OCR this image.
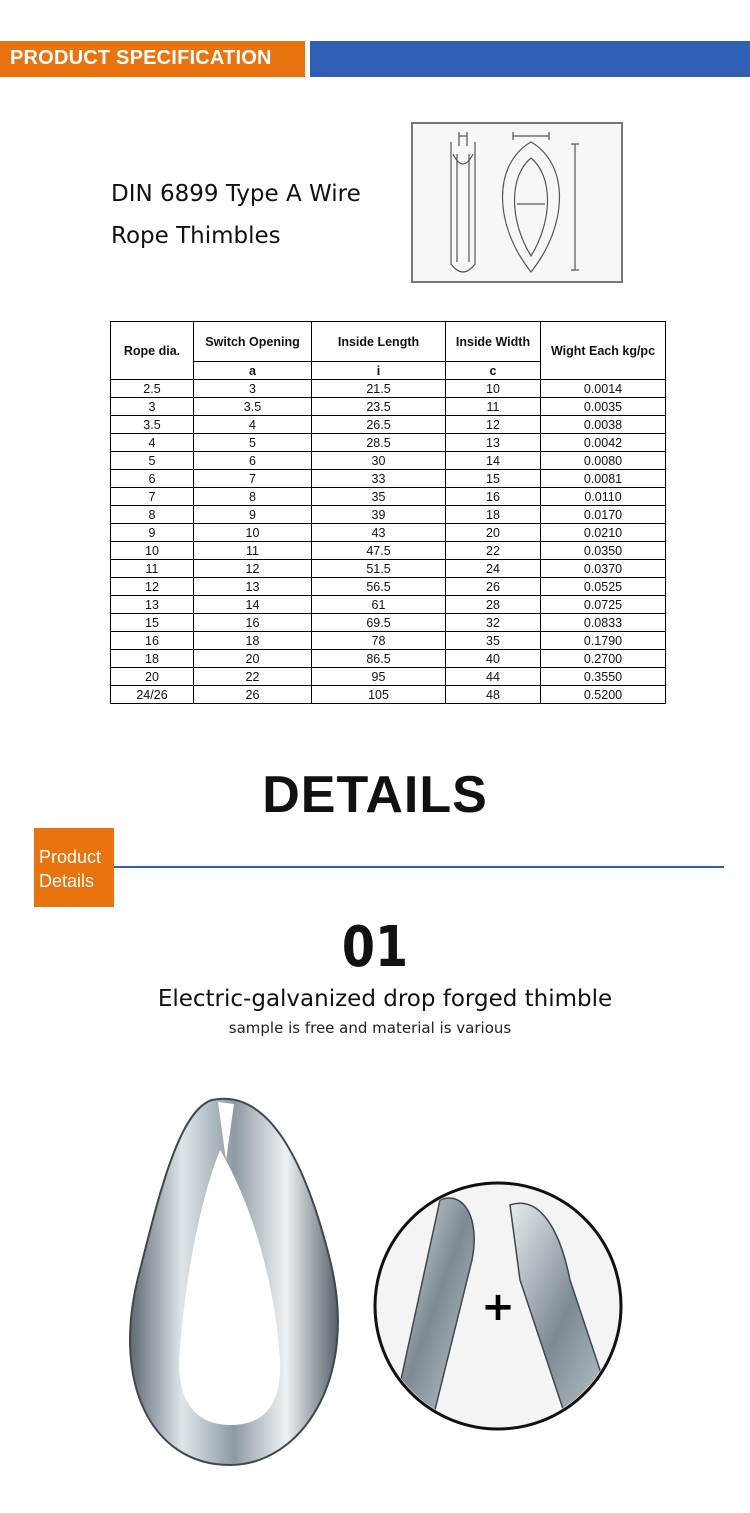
PRODUCT SPECIFICATION
DIN 6899 Type A Wire
Rope Thimbles
Rope dia.	Switch Opening	Inside Length	Inside Width	Wight Each kg/pc
	a	i	c	
2.5	3	21.5	10	0.0014
3	3.5	23.5	11	0.0035
3.5	4	26.5	12	0.0038
4	5	28.5	13	0.0042
5	6	30	14	0.0080
6	7	33	15	0.0081
7	8	35	16	0.0110
8	9	39	18	0.0170
9	10	43	20	0.0210
10	11	47.5	22	0.0350
11	12	51.5	24	0.0370
12	13	56.5	26	0.0525
13	14	61	28	0.0725
15	16	69.5	32	0.0833
16	18	78	35	0.1790
18	20	86.5	40	0.2700
20	22	95	44	0.3550
24/26	26	105	48	0.5200
DETAILS
Product
Details
01
Electric-galvanized drop forged thimble
sample is free and material is various
+
